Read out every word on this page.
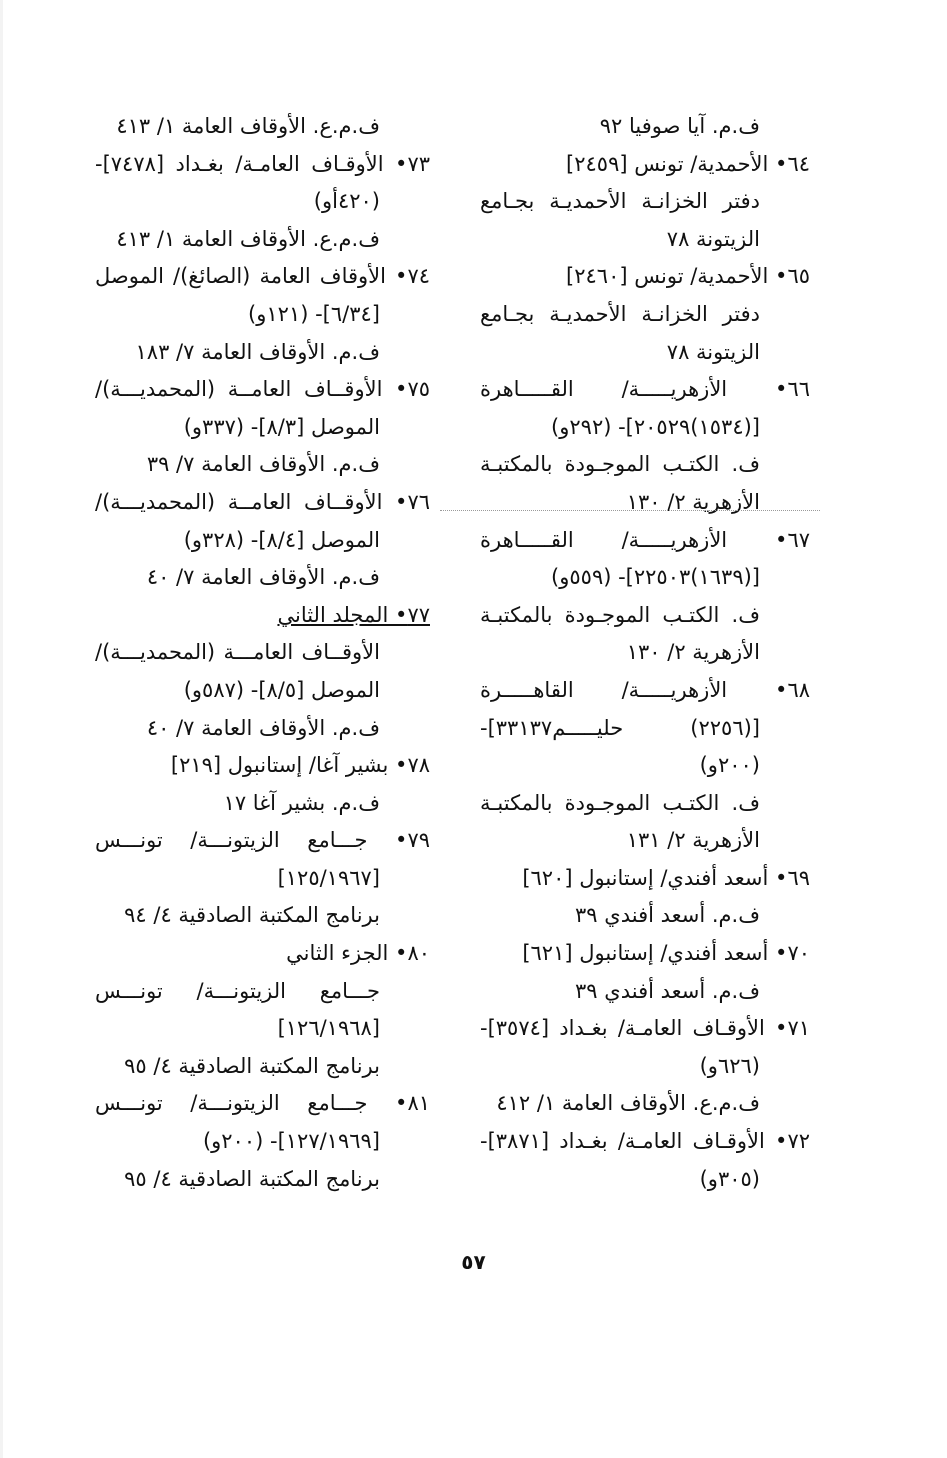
ف.م. آيا صوفيا ٩٢
٦٤• الأحمدية/ تونس [٢٤٥٩]
دفتر الخزانـة الأحمديـة بجـامع
الزيتونة ٧٨
٦٥• الأحمدية/ تونس [٢٤٦٠]
دفتر الخزانـة الأحمديـة بجـامع
الزيتونة ٧٨
٦٦• الأزهريـــــة/ القـــــاهرة
[(١٥٣٤)٢٠٥٢٩]- (٢٩٢و)
ف. الكتـب الموجـودة بالمكتبـة
الأزهرية ٢/ ١٣٠
٦٧• الأزهريـــــة/ القـــــاهرة
[(١٦٣٩)٢٢٥٠٣]- (٥٥٩و)
ف. الكتـب الموجـودة بالمكتبـة
الأزهرية ٢/ ١٣٠
٦٨• الأزهريـــــة/ القاهـــــرة
[(٢٢٥٦) حليـــــم٣٣١٣٧]-
(٢٠٠و)
ف. الكتـب الموجـودة بالمكتبـة
الأزهرية ٢/ ١٣١
٦٩• أسعد أفندي/ إستانبول [٦٢٠]
ف.م. أسعد أفندي ٣٩
٧٠• أسعد أفندي/ إستانبول [٦٢١]
ف.م. أسعد أفندي ٣٩
٧١• الأوقـاف العامـة/ بغـداد [٣٥٧٤]-
(٦٢٦و)
ف.م.ع. الأوقاف العامة ١/ ٤١٢
٧٢• الأوقـاف العامـة/ بغـداد [٣٨٧١]-
(٣٠٥و)
ف.م.ع. الأوقاف العامة ١/ ٤١٣
٧٣• الأوقـاف العامـة/ بغـداد [٧٤٧٨]-
(٤٢٠أو)
ف.م.ع. الأوقاف العامة ١/ ٤١٣
٧٤• الأوقاف العامة (الصائغ)/ الموصل
[٦/٣٤]- (١٢١و)
ف.م. الأوقاف العامة ٧/ ١٨٣
٧٥• الأوقــاف العامــة (المحمديـــة)/
الموصل [٨/٣]- (٣٣٧و)
ف.م. الأوقاف العامة ٧/ ٣٩
٧٦• الأوقــاف العامــة (المحمديـــة)/
الموصل [٨/٤]- (٣٢٨و)
ف.م. الأوقاف العامة ٧/ ٤٠
٧٧• المجلد الثاني
الأوقــاف العامـــة (المحمديـــة)/
الموصل [٨/٥]- (٥٨٧و)
ف.م. الأوقاف العامة ٧/ ٤٠
٧٨• بشير آغا/ إستانبول [٢١٩]
ف.م. بشير آغا ١٧
٧٩• جـــامع الزيتونـــة/ تونـــس
[١٢٥/١٩٦٧]
برنامج المكتبة الصادقية ٤/ ٩٤
٨٠• الجزء الثاني
جـــامع الزيتونـــة/ تونـــس
[١٢٦/١٩٦٨]
برنامج المكتبة الصادقية ٤/ ٩٥
٨١• جـــامع الزيتونـــة/ تونـــس
[١٢٧/١٩٦٩]- (٢٠٠و)
برنامج المكتبة الصادقية ٤/ ٩٥
٥٧
